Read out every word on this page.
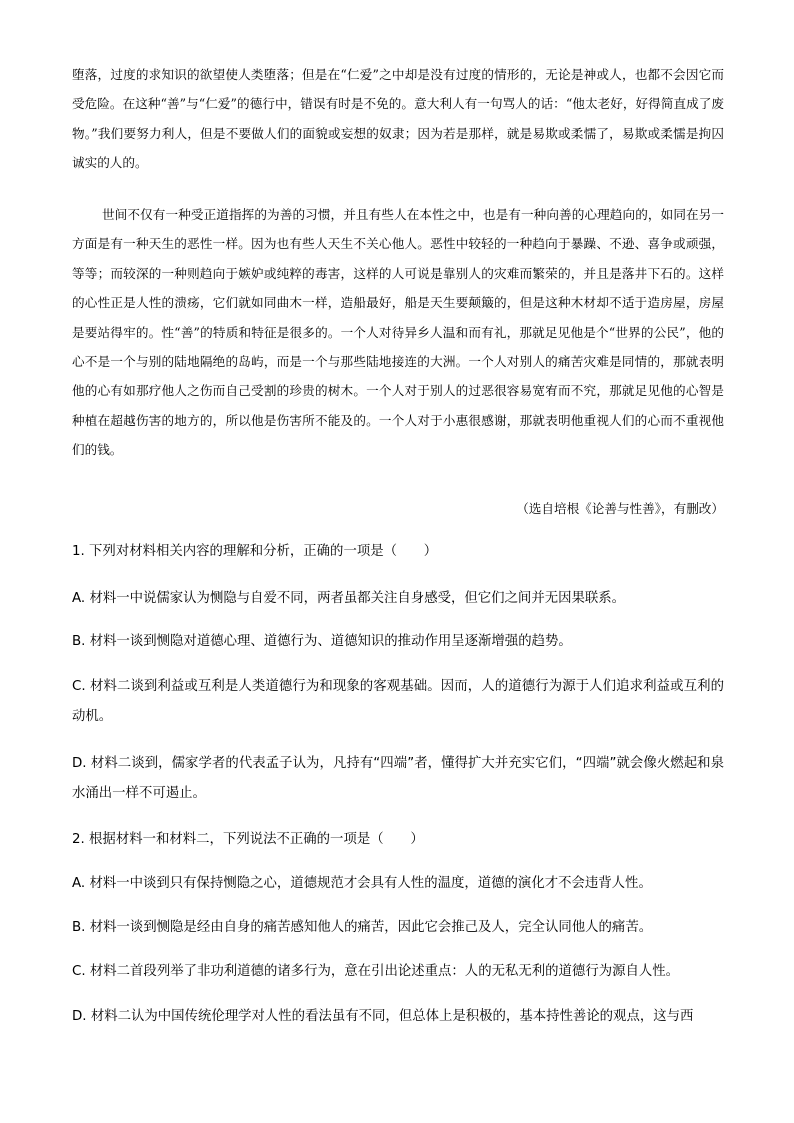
堕落，过度的求知识的欲望使人类堕落；但是在“仁爱”之中却是没有过度的情形的，无论是神或人，也都不会因它而受危险。在这种“善”与“仁爱”的德行中，错误有时是不免的。意大利人有一句骂人的话：“他太老好，好得简直成了废物。”我们要努力利人，但是不要做人们的面貌或妄想的奴隶；因为若是那样，就是易欺或柔懦了，易欺或柔懦是拘囚诚实的人的。
世间不仅有一种受正道指挥的为善的习惯，并且有些人在本性之中，也是有一种向善的心理趋向的，如同在另一方面是有一种天生的恶性一样。因为也有些人天生不关心他人。恶性中较轻的一种趋向于暴躁、不逊、喜争或顽强，等等；而较深的一种则趋向于嫉妒或纯粹的毒害，这样的人可说是靠别人的灾难而繁荣的，并且是落井下石的。这样的心性正是人性的溃疡，它们就如同曲木一样，造船最好，船是天生要颠簸的，但是这种木材却不适于造房屋，房屋是要站得牢的。性“善”的特质和特征是很多的。一个人对待异乡人温和而有礼，那就足见他是个“世界的公民”，他的心不是一个与别的陆地隔绝的岛屿，而是一个与那些陆地接连的大洲。一个人对别人的痛苦灾难是同情的，那就表明他的心有如那疗他人之伤而自己受割的珍贵的树木。一个人对于别人的过恶很容易宽宥而不究，那就足见他的心智是种植在超越伤害的地方的，所以他是伤害所不能及的。一个人对于小惠很感谢，那就表明他重视人们的心而不重视他们的钱。
（选自培根《论善与性善》，有删改）
1. 下列对材料相关内容的理解和分析，正确的一项是（　　）
A. 材料一中说儒家认为恻隐与自爱不同，两者虽都关注自身感受，但它们之间并无因果联系。
B. 材料一谈到恻隐对道德心理、道德行为、道德知识的推动作用呈逐渐增强的趋势。
C. 材料二谈到利益或互利是人类道德行为和现象的客观基础。因而，人的道德行为源于人们追求利益或互利的动机。
D. 材料二谈到，儒家学者的代表孟子认为，凡持有“四端”者，懂得扩大并充实它们，“四端”就会像火燃起和泉水涌出一样不可遏止。
2. 根据材料一和材料二，下列说法不正确的一项是（　　）
A. 材料一中谈到只有保持恻隐之心，道德规范才会具有人性的温度，道德的演化才不会违背人性。
B. 材料一谈到恻隐是经由自身的痛苦感知他人的痛苦，因此它会推己及人，完全认同他人的痛苦。
C. 材料二首段列举了非功利道德的诸多行为，意在引出论述重点：人的无私无利的道德行为源自人性。
D. 材料二认为中国传统伦理学对人性的看法虽有不同，但总体上是积极的，基本持性善论的观点，这与西
